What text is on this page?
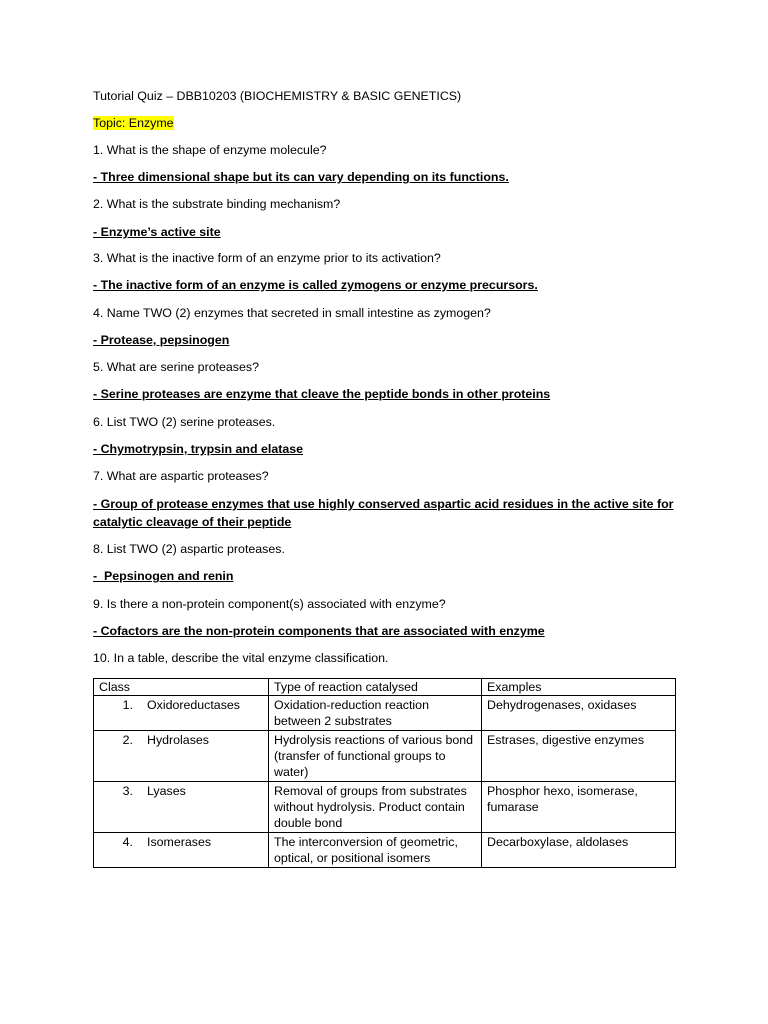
Tutorial Quiz – DBB10203 (BIOCHEMISTRY & BASIC GENETICS)

Topic: Enzyme

1. What is the shape of enzyme molecule?

- Three dimensional shape but its can vary depending on its functions.

2. What is the substrate binding mechanism?

- Enzyme’s active site

3. What is the inactive form of an enzyme prior to its activation?

- The inactive form of an enzyme is called zymogens or enzyme precursors.

4. Name TWO (2) enzymes that secreted in small intestine as zymogen?

- Protease, pepsinogen

5. What are serine proteases?

- Serine proteases are enzyme that cleave the peptide bonds in other proteins

6. List TWO (2) serine proteases.

- Chymotrypsin, trypsin and elatase

7. What are aspartic proteases?

- Group of protease enzymes that use highly conserved aspartic acid residues in the active site for catalytic cleavage of their peptide

8. List TWO (2) aspartic proteases.

-  Pepsinogen and renin

9. Is there a non-protein component(s) associated with enzyme?

- Cofactors are the non-protein components that are associated with enzyme

10. In a table, describe the vital enzyme classification.

Class	Type of reaction catalysed	Examples
1. Oxidoreductases	Oxidation-reduction reaction between 2 substrates	Dehydrogenases, oxidases
2. Hydrolases	Hydrolysis reactions of various bond (transfer of functional groups to water)	Estrases, digestive enzymes
3. Lyases	Removal of groups from substrates without hydrolysis. Product contain double bond	Phosphor hexo, isomerase, fumarase
4. Isomerases	The interconversion of geometric, optical, or positional isomers	Decarboxylase, aldolases
